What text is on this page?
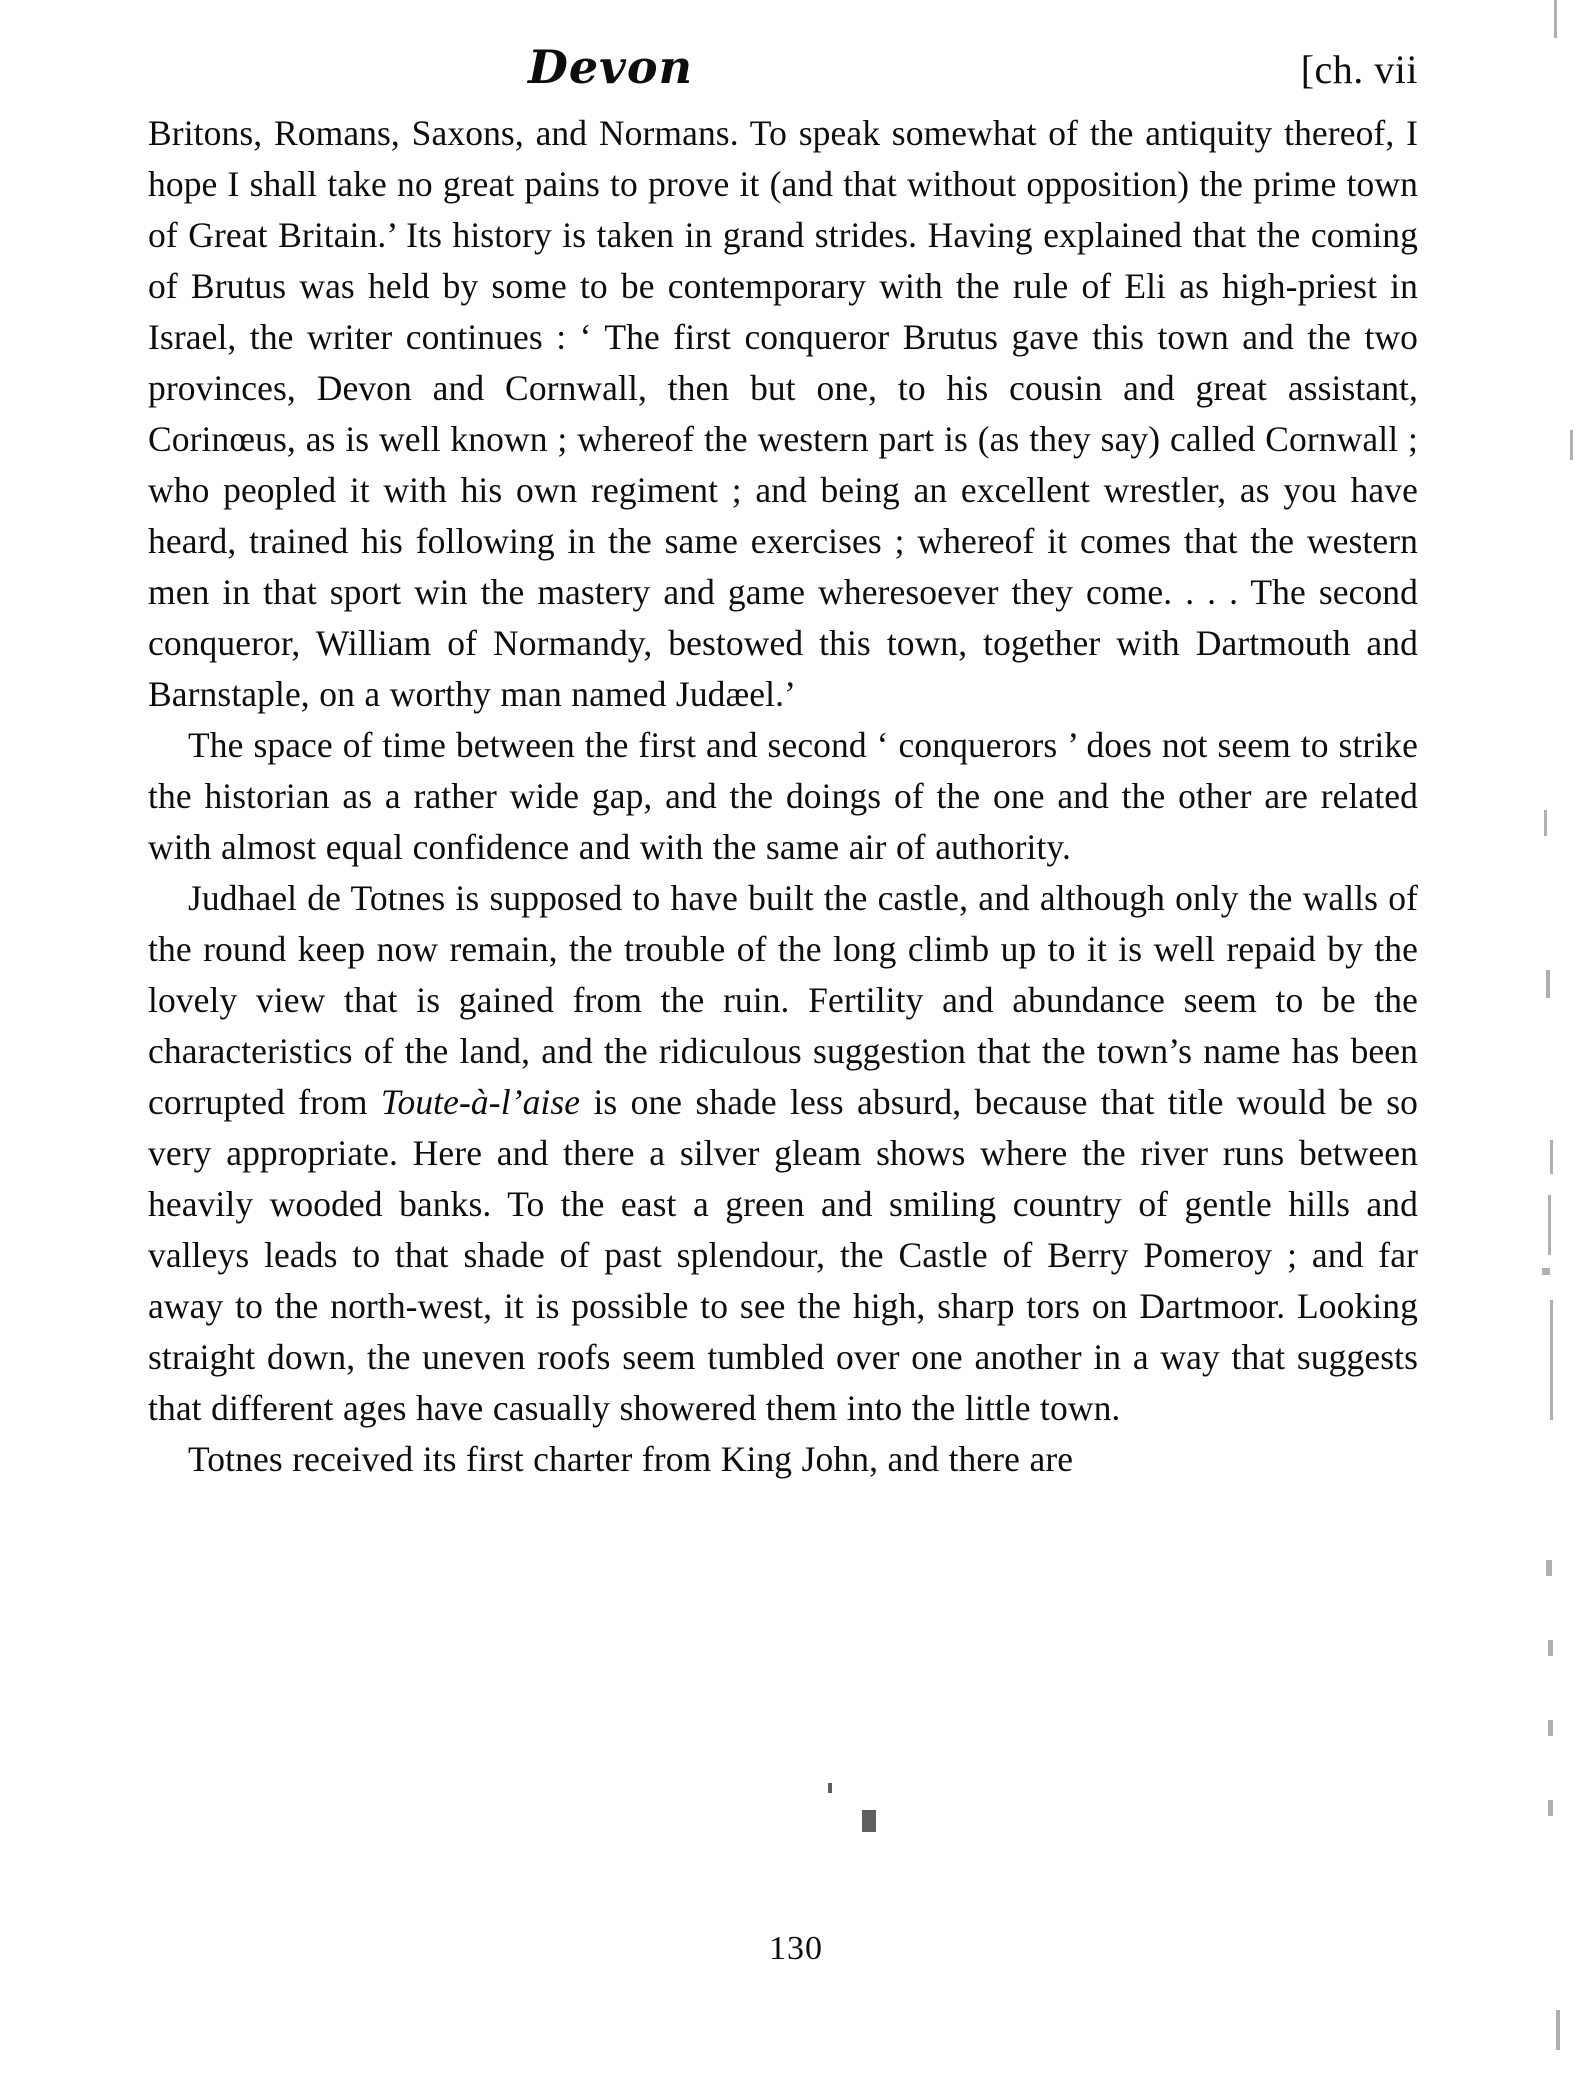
Devon	[ch. vii

Britons, Romans, Saxons, and Normans. To speak somewhat of the antiquity thereof, I hope I shall take no great pains to prove it (and that without opposition) the prime town of Great Britain.’ Its history is taken in grand strides. Having explained that the coming of Brutus was held by some to be contemporary with the rule of Eli as high-priest in Israel, the writer continues : ‘ The first conqueror Brutus gave this town and the two provinces, Devon and Cornwall, then but one, to his cousin and great assistant, Corinœus, as is well known ; whereof the western part is (as they say) called Cornwall ; who peopled it with his own regiment ; and being an excellent wrestler, as you have heard, trained his following in the same exercises ; whereof it comes that the western men in that sport win the mastery and game wheresoever they come. . . . The second conqueror, William of Normandy, bestowed this town, together with Dartmouth and Barnstaple, on a worthy man named Judæel.’

The space of time between the first and second ‘ conquerors ’ does not seem to strike the historian as a rather wide gap, and the doings of the one and the other are related with almost equal confidence and with the same air of authority.

Judhael de Totnes is supposed to have built the castle, and although only the walls of the round keep now remain, the trouble of the long climb up to it is well repaid by the lovely view that is gained from the ruin. Fertility and abundance seem to be the characteristics of the land, and the ridiculous suggestion that the town’s name has been corrupted from Toute-à-l’aise is one shade less absurd, because that title would be so very appropriate. Here and there a silver gleam shows where the river runs between heavily wooded banks. To the east a green and smiling country of gentle hills and valleys leads to that shade of past splendour, the Castle of Berry Pomeroy ; and far away to the north-west, it is possible to see the high, sharp tors on Dartmoor. Looking straight down, the uneven roofs seem tumbled over one another in a way that suggests that different ages have casually showered them into the little town.

Totnes received its first charter from King John, and there are

130
